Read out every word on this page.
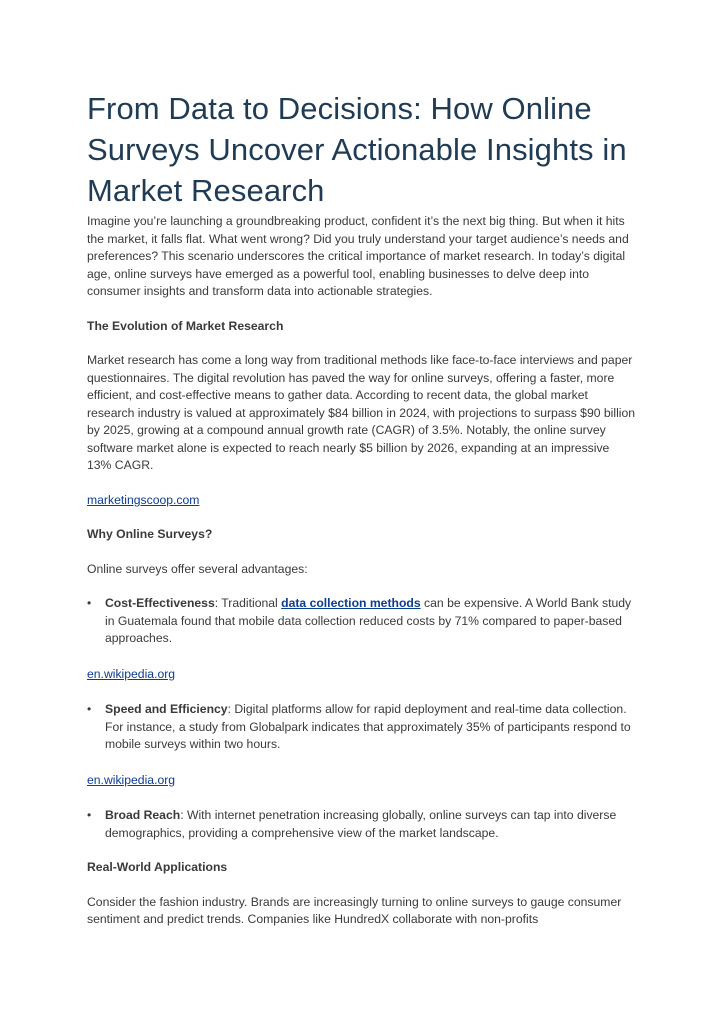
From Data to Decisions: How Online Surveys Uncover Actionable Insights in Market Research

Imagine you’re launching a groundbreaking product, confident it’s the next big thing. But when it hits the market, it falls flat. What went wrong? Did you truly understand your target audience’s needs and preferences? This scenario underscores the critical importance of market research. In today’s digital age, online surveys have emerged as a powerful tool, enabling businesses to delve deep into consumer insights and transform data into actionable strategies.

The Evolution of Market Research

Market research has come a long way from traditional methods like face-to-face interviews and paper questionnaires. The digital revolution has paved the way for online surveys, offering a faster, more efficient, and cost-effective means to gather data. According to recent data, the global market research industry is valued at approximately $84 billion in 2024, with projections to surpass $90 billion by 2025, growing at a compound annual growth rate (CAGR) of 3.5%. Notably, the online survey software market alone is expected to reach nearly $5 billion by 2026, expanding at an impressive 13% CAGR.

marketingscoop.com

Why Online Surveys?

Online surveys offer several advantages:

• Cost-Effectiveness: Traditional data collection methods can be expensive. A World Bank study in Guatemala found that mobile data collection reduced costs by 71% compared to paper-based approaches.

en.wikipedia.org

• Speed and Efficiency: Digital platforms allow for rapid deployment and real-time data collection. For instance, a study from Globalpark indicates that approximately 35% of participants respond to mobile surveys within two hours.

en.wikipedia.org

• Broad Reach: With internet penetration increasing globally, online surveys can tap into diverse demographics, providing a comprehensive view of the market landscape.

Real-World Applications

Consider the fashion industry. Brands are increasingly turning to online surveys to gauge consumer sentiment and predict trends. Companies like HundredX collaborate with non-profits
